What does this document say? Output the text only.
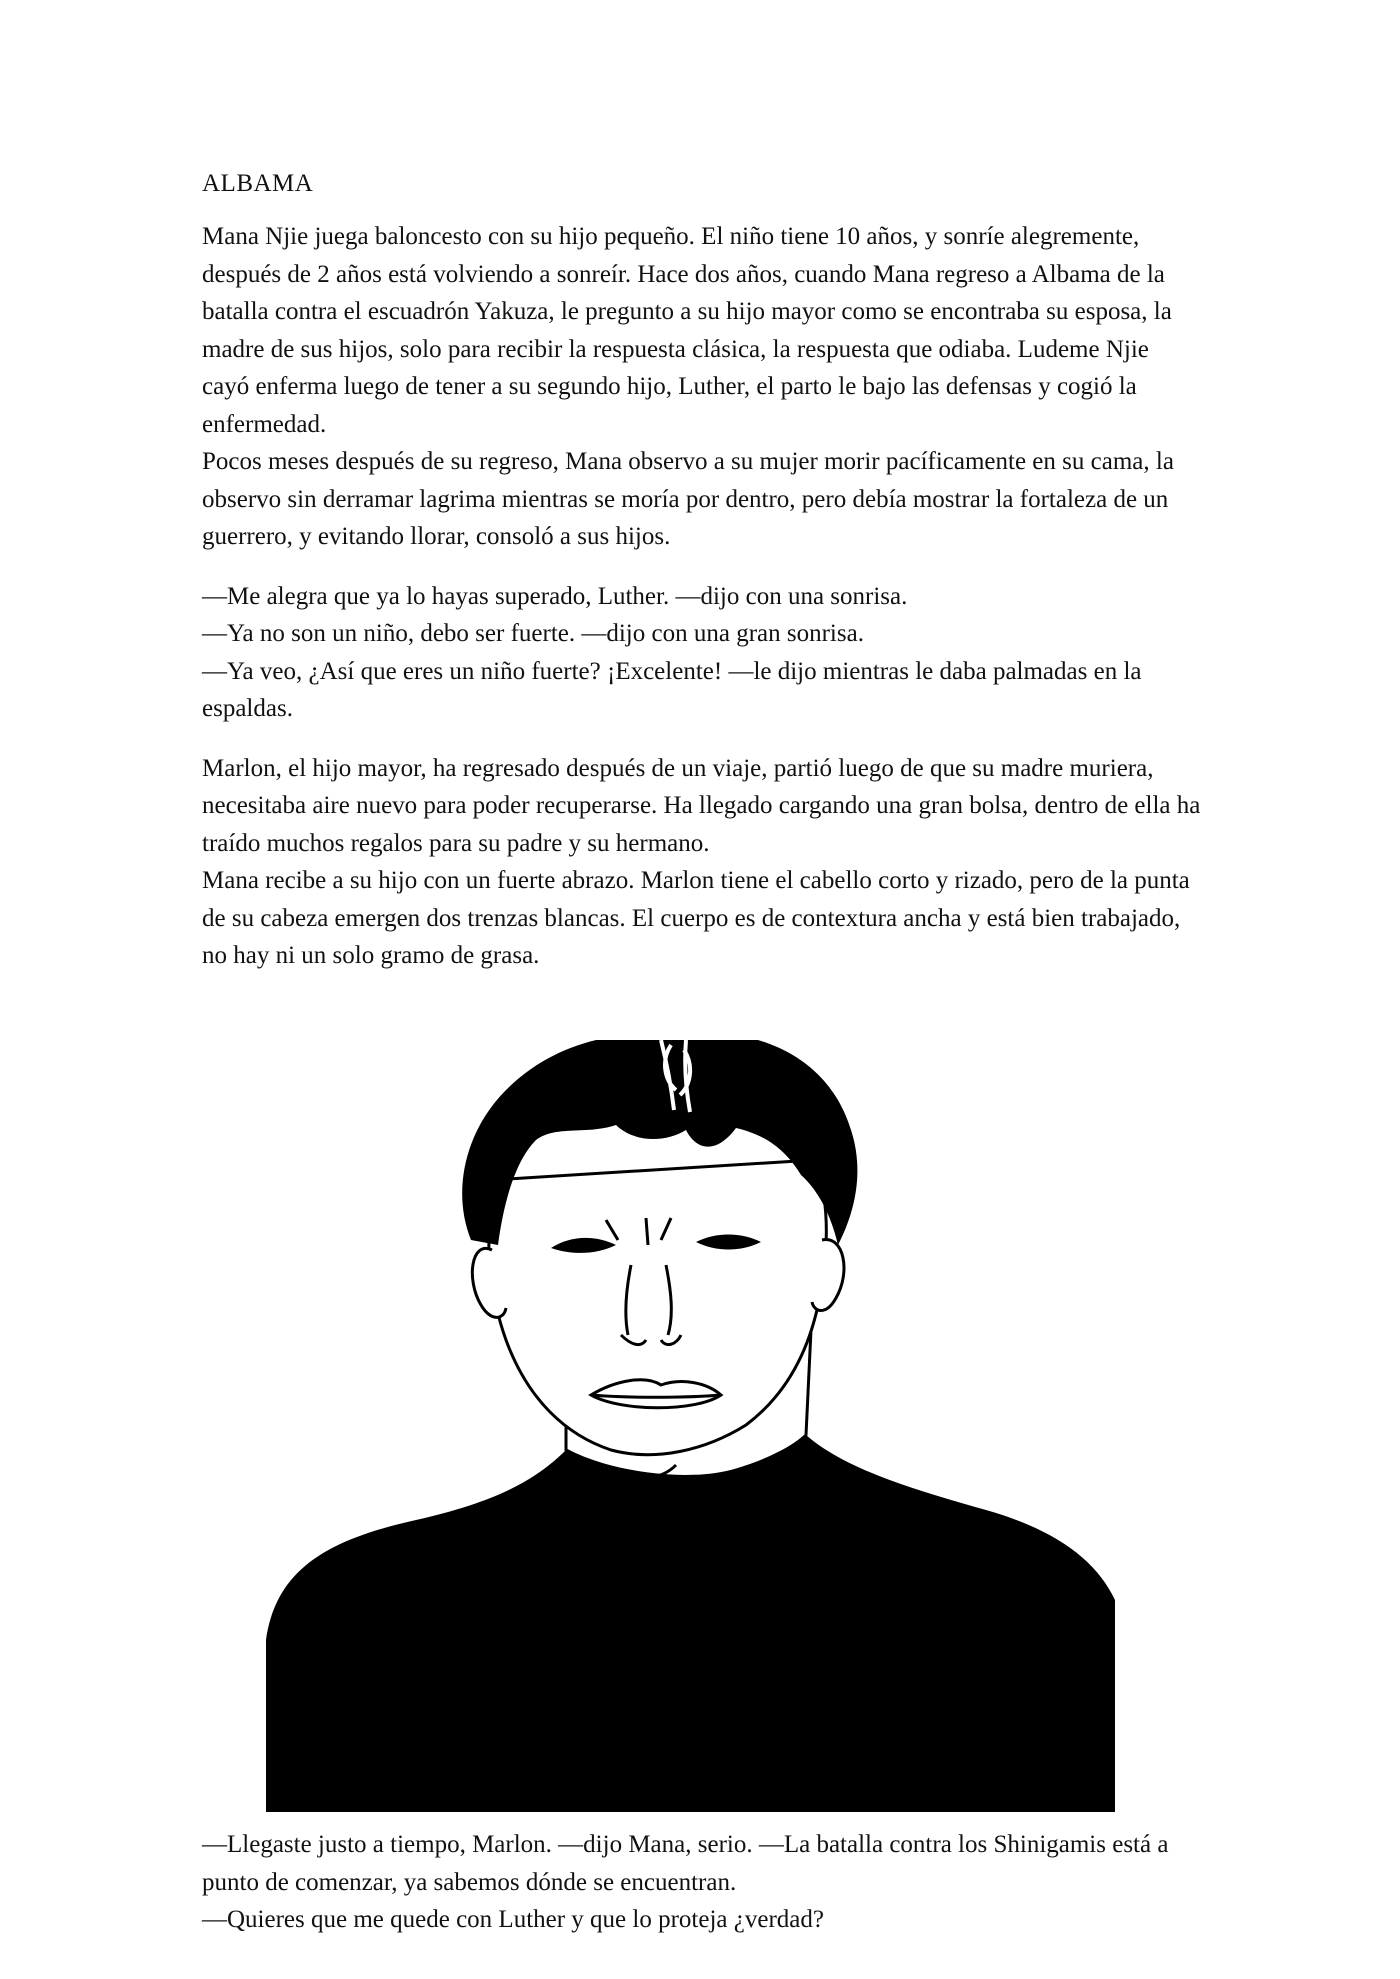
ALBAMA

Mana Njie juega baloncesto con su hijo pequeño. El niño tiene 10 años, y sonríe alegremente, después de 2 años está volviendo a sonreír. Hace dos años, cuando Mana regreso a Albama de la batalla contra el escuadrón Yakuza, le pregunto a su hijo mayor como se encontraba su esposa, la madre de sus hijos, solo para recibir la respuesta clásica, la respuesta que odiaba. Ludeme Njie cayó enferma luego de tener a su segundo hijo, Luther, el parto le bajo las defensas y cogió la enfermedad.

Pocos meses después de su regreso, Mana observo a su mujer morir pacíficamente en su cama, la observo sin derramar lagrima mientras se moría por dentro, pero debía mostrar la fortaleza de un guerrero, y evitando llorar, consoló a sus hijos.

—Me alegra que ya lo hayas superado, Luther. —dijo con una sonrisa.

—Ya no son un niño, debo ser fuerte. —dijo con una gran sonrisa.

—Ya veo, ¿Así que eres un niño fuerte? ¡Excelente! —le dijo mientras le daba palmadas en la espaldas.

Marlon, el hijo mayor, ha regresado después de un viaje, partió luego de que su madre muriera, necesitaba aire nuevo para poder recuperarse. Ha llegado cargando una gran bolsa, dentro de ella ha traído muchos regalos para su padre y su hermano.

Mana recibe a su hijo con un fuerte abrazo. Marlon tiene el cabello corto y rizado, pero de la punta de su cabeza emergen dos trenzas blancas. El cuerpo es de contextura ancha y está bien trabajado, no hay ni un solo gramo de grasa.

—Llegaste justo a tiempo, Marlon. —dijo Mana, serio. —La batalla contra los Shinigamis está a punto de comenzar, ya sabemos dónde se encuentran.

—Quieres que me quede con Luther y que lo proteja ¿verdad?
